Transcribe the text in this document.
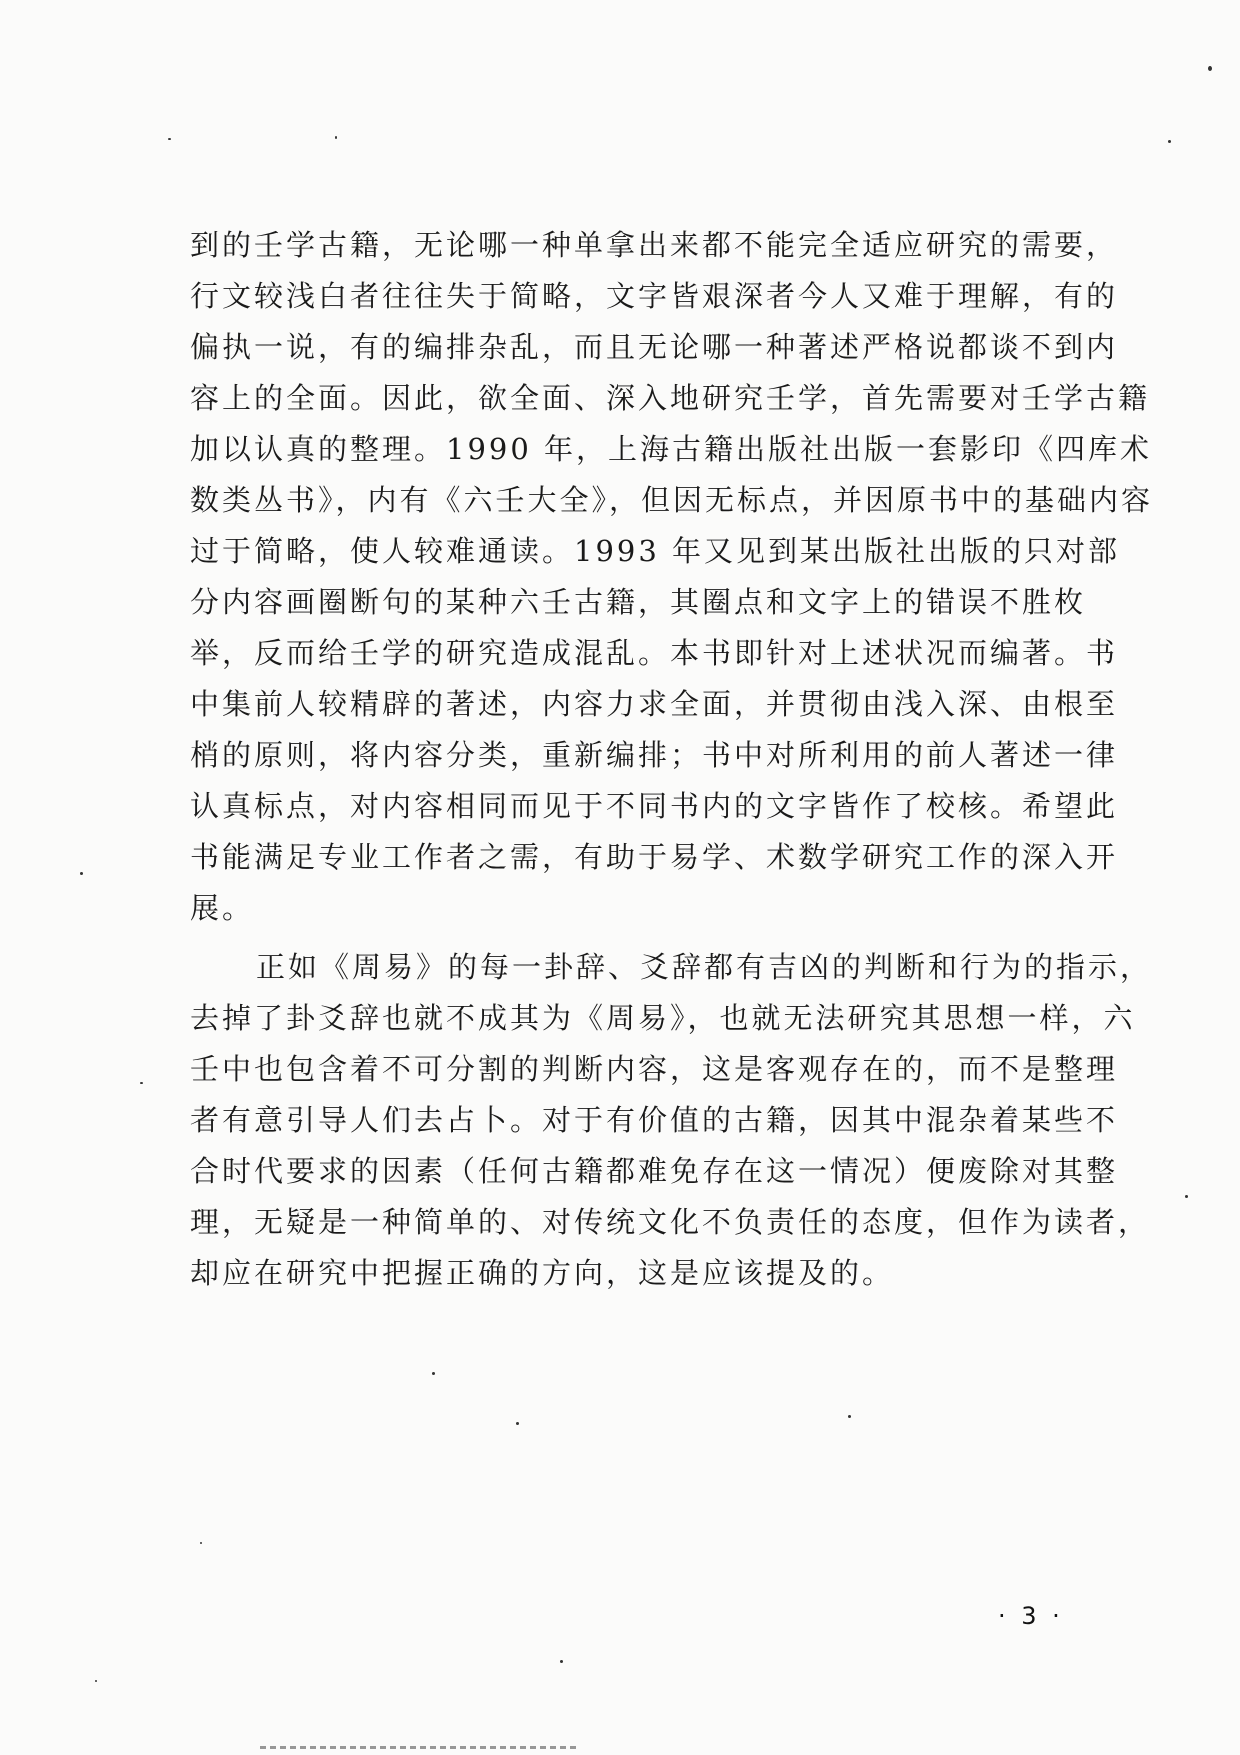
到的壬学古籍，无论哪一种单拿出来都不能完全适应研究的需要，
行文较浅白者往往失于简略，文字皆艰深者今人又难于理解，有的
偏执一说，有的编排杂乱，而且无论哪一种著述严格说都谈不到内
容上的全面。因此，欲全面、深入地研究壬学，首先需要对壬学古籍
加以认真的整理。1990 年，上海古籍出版社出版一套影印《四库术
数类丛书》，内有《六壬大全》，但因无标点，并因原书中的基础内容
过于简略，使人较难通读。1993 年又见到某出版社出版的只对部
分内容画圈断句的某种六壬古籍，其圈点和文字上的错误不胜枚
举，反而给壬学的研究造成混乱。本书即针对上述状况而编著。书
中集前人较精辟的著述，内容力求全面，并贯彻由浅入深、由根至
梢的原则，将内容分类，重新编排；书中对所利用的前人著述一律
认真标点，对内容相同而见于不同书内的文字皆作了校核。希望此
书能满足专业工作者之需，有助于易学、术数学研究工作的深入开
展。
正如《周易》的每一卦辞、爻辞都有吉凶的判断和行为的指示，
去掉了卦爻辞也就不成其为《周易》，也就无法研究其思想一样，六
壬中也包含着不可分割的判断内容，这是客观存在的，而不是整理
者有意引导人们去占卜。对于有价值的古籍，因其中混杂着某些不
合时代要求的因素（任何古籍都难免存在这一情况）便废除对其整
理，无疑是一种简单的、对传统文化不负责任的态度，但作为读者，
却应在研究中把握正确的方向，这是应该提及的。
· 3 ·
